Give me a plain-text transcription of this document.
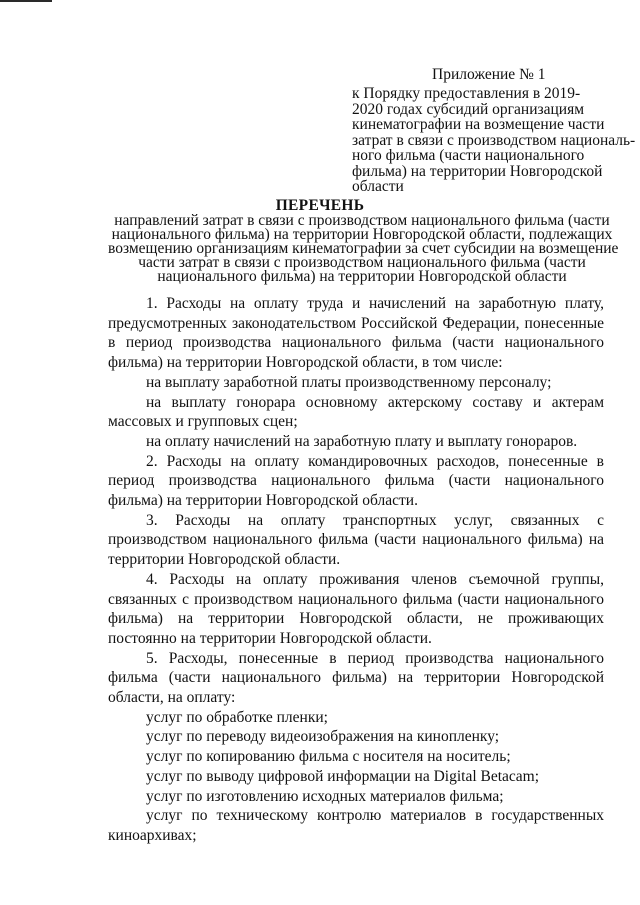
Приложение № 1
к Порядку предоставления в 2019-
2020 годах субсидий организациям
кинематографии на возмещение части
затрат в связи с производством националь-
ного фильма (части национального
фильма) на территории Новгородской
области
ПЕРЕЧЕНЬ
направлений затрат в связи с производством национального фильма (части
национального фильма) на территории Новгородской области, подлежащих
возмещению организациям кинематографии за счет субсидии на возмещение
части затрат в связи с производством национального фильма (части
национального фильма) на территории Новгородской области

1. Расходы на оплату труда и начислений на заработную плату, предусмотренных законодательством Российской Федерации, понесенные в период производства национального фильма (части национального фильма) на территории Новгородской области, в том числе:

на выплату заработной платы производственному персоналу;

на выплату гонорара основному актерскому составу и актерам массовых и групповых сцен;

на оплату начислений на заработную плату и выплату гонораров.

2. Расходы на оплату командировочных расходов, понесенные в период производства национального фильма (части национального фильма) на территории Новгородской области.

3. Расходы на оплату транспортных услуг, связанных с производством национального фильма (части национального фильма) на территории Новгородской области.

4. Расходы на оплату проживания членов съемочной группы, связанных с производством национального фильма (части национального фильма) на территории Новгородской области, не проживающих постоянно на территории Новгородской области.

5. Расходы, понесенные в период производства национального фильма (части национального фильма) на территории Новгородской области, на оплату:

услуг по обработке пленки;

услуг по переводу видеоизображения на кинопленку;

услуг по копированию фильма с носителя на носитель;

услуг по выводу цифровой информации на Digital Betacam;

услуг по изготовлению исходных материалов фильма;

услуг по техническому контролю материалов в государственных киноархивах;
